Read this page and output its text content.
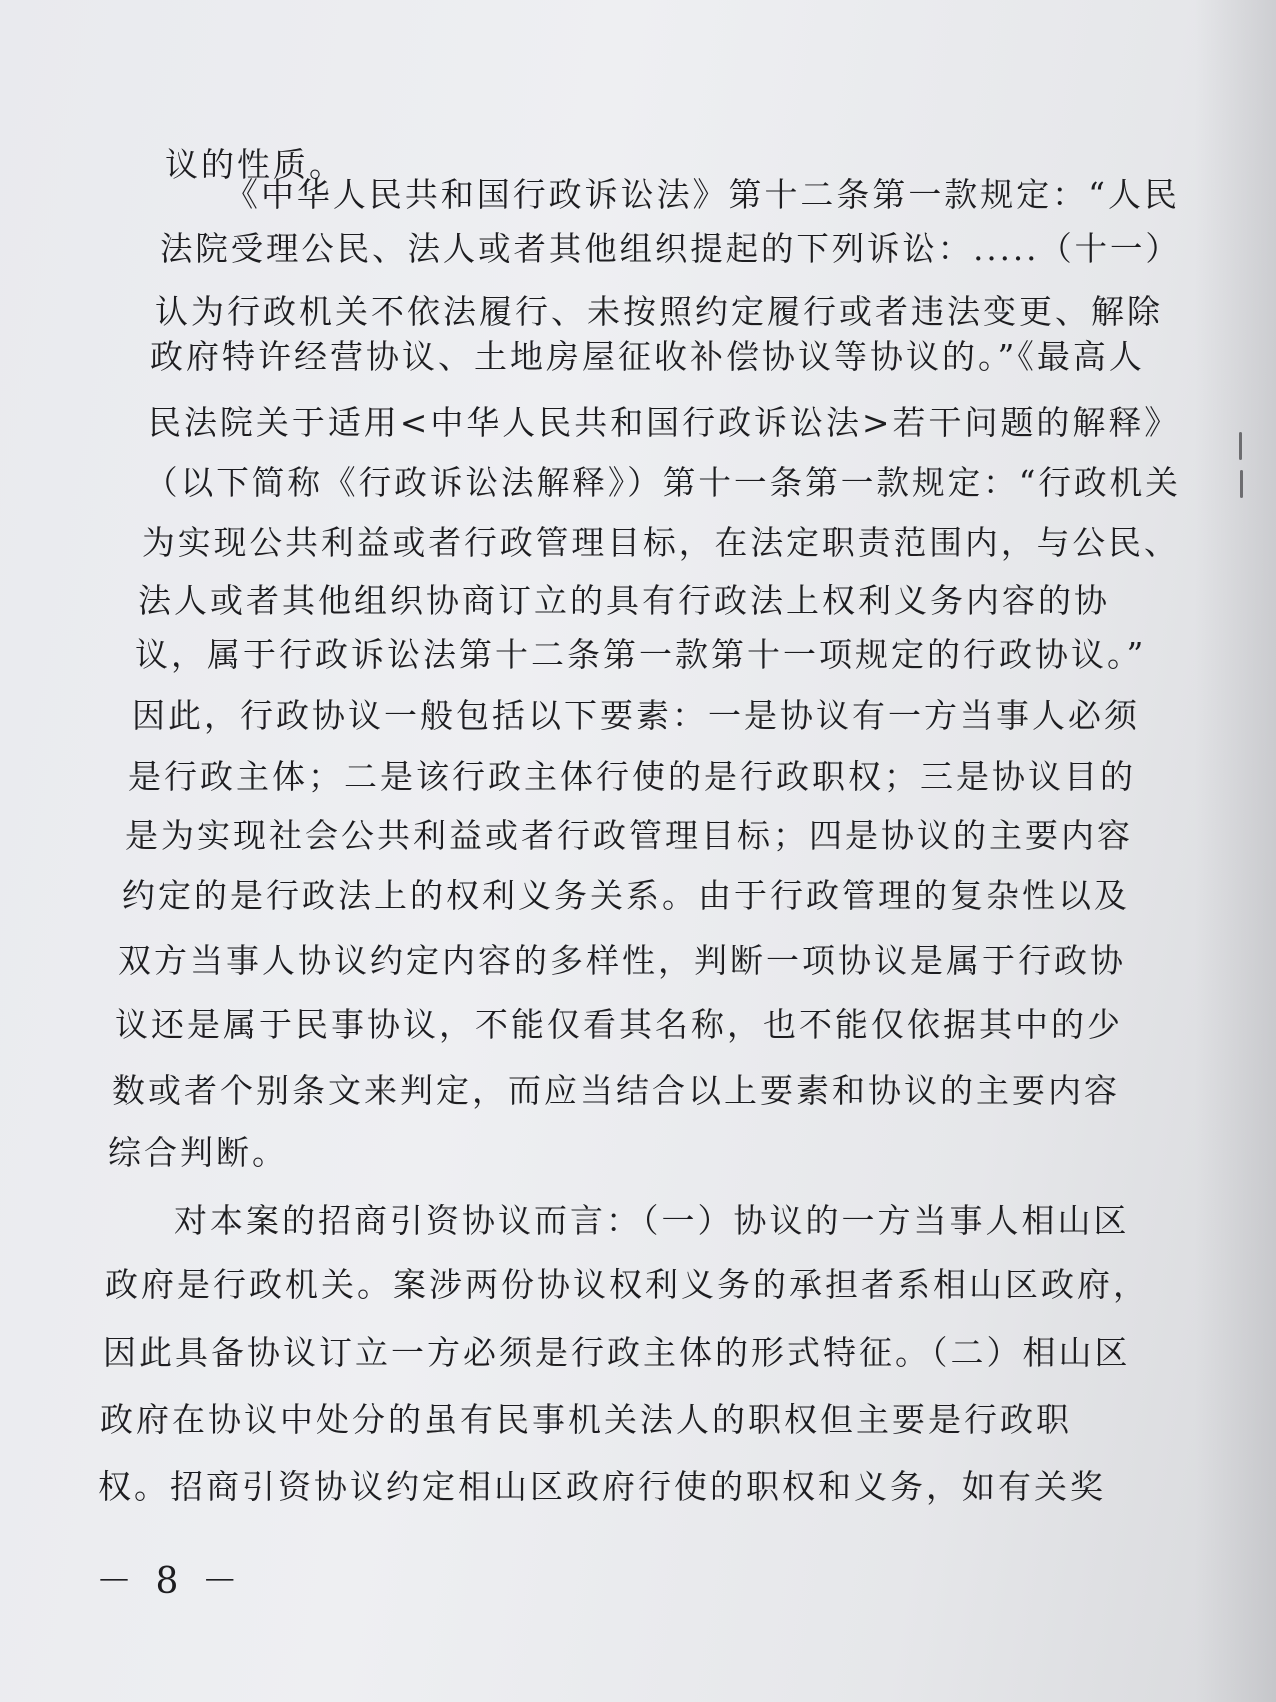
议的性质。
《中华人民共和国行政诉讼法》第十二条第一款规定：“人民
法院受理公民、法人或者其他组织提起的下列诉讼：.....（十一）
认为行政机关不依法履行、未按照约定履行或者违法变更、解除
政府特许经营协议、土地房屋征收补偿协议等协议的。”《最高人
民法院关于适用<中华人民共和国行政诉讼法>若干问题的解释》
（以下简称《行政诉讼法解释》）第十一条第一款规定：“行政机关
为实现公共利益或者行政管理目标，在法定职责范围内，与公民、
法人或者其他组织协商订立的具有行政法上权利义务内容的协
议，属于行政诉讼法第十二条第一款第十一项规定的行政协议。”
因此，行政协议一般包括以下要素：一是协议有一方当事人必须
是行政主体；二是该行政主体行使的是行政职权；三是协议目的
是为实现社会公共利益或者行政管理目标；四是协议的主要内容
约定的是行政法上的权利义务关系。由于行政管理的复杂性以及
双方当事人协议约定内容的多样性，判断一项协议是属于行政协
议还是属于民事协议，不能仅看其名称，也不能仅依据其中的少
数或者个别条文来判定，而应当结合以上要素和协议的主要内容
综合判断。
对本案的招商引资协议而言：（一）协议的一方当事人相山区
政府是行政机关。案涉两份协议权利义务的承担者系相山区政府，
因此具备协议订立一方必须是行政主体的形式特征。（二）相山区
政府在协议中处分的虽有民事机关法人的职权但主要是行政职
权。招商引资协议约定相山区政府行使的职权和义务，如有关奖
－ 8 －
